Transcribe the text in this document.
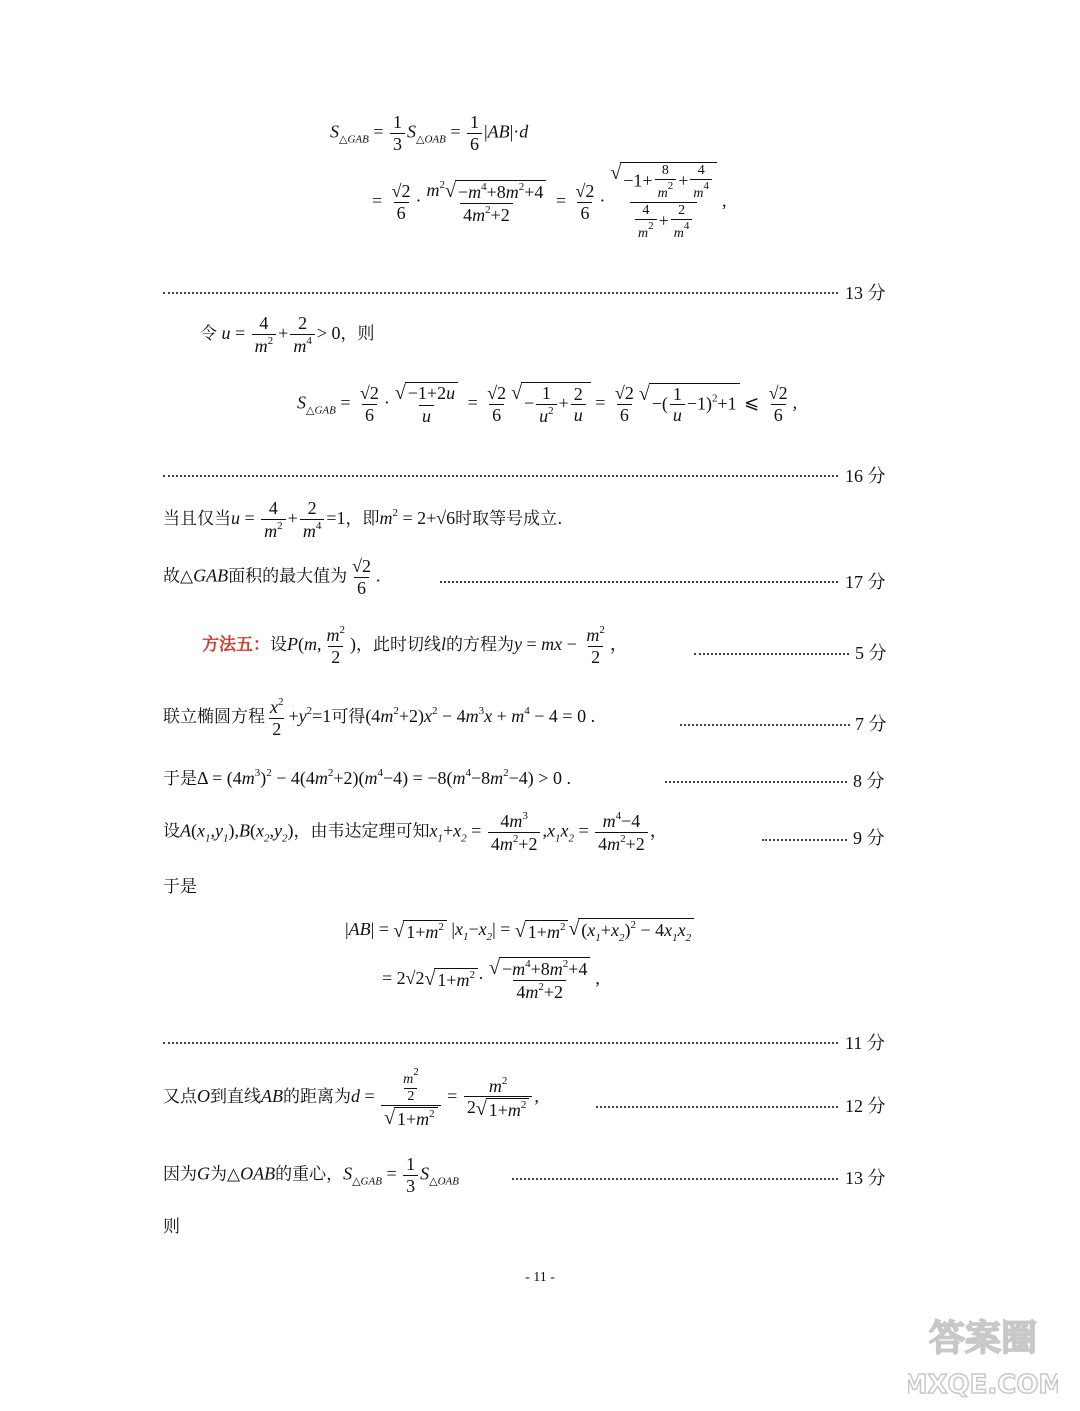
$S_{\triangle GAB} = \frac{1}{3} S_{\triangle OAB} = \frac{1}{6} |AB|\cdot d$
= $\frac{√2}{6} \cdot \frac{m^2 √ -m^4+8m^2+4}{4m^2+2} = \frac{√2}{6} \cdot \frac{√ -1+ \frac{8}{m^2} + \frac{4}{m^4}}{\frac{4}{m^2} + \frac{2}{m^4}}$ ,
13 分
令 $u = \frac{4}{m^2} + \frac{2}{m^4} > 0$，则
$S_{\triangle GAB} = \frac{√2}{6} \cdot \frac{√ -1+2u}{u} = \frac{√2}{6}$ √ − $\frac{1}{u^2} + \frac{2}{u} = \frac{√2}{6}$ √ −( $\frac{1}{u} -1)^2+1$ ⩽ $\frac{√2}{6}$ ,
16 分
当且仅当$u = \frac{4}{m^2} + \frac{2}{m^4} =1$，即$m^2 = 2+√6$时取等号成立.
故△GAB面积的最大值为 $\frac{√2}{6}$ .	17 分
方法五：设P(m, $\frac{m^2}{2}$ )，此时切线l的方程为y = mx − $\frac{m^2}{2}$ ，	5 分
联立椭圆方程 $\frac{x^2}{2} +y^2=1$可得$(4m^2+2)x^2 - 4m^3x + m^4 - 4 = 0$ .	7 分
于是$\Delta = (4m^3)^2 - 4(4m^2+2)(m^4-4) = -8(m^4-8m^2-4) > 0$ .	8 分
设$A(x_1,y_1),B(x_2,y_2)$，由韦达定理可知$x_1+x_2 = \frac{4m^3}{4m^2+2} ,x_1x_2 = \frac{m^4-4}{4m^2+2}$ ，	9 分
于是
|AB| = √ $1+m^2$ $|x_1-x_2|$ = √ $1+m^2$ √ $(x_1+x_2)^2 - 4x_1x_2$
= 2√2 √ $1+m^2 \cdot \frac{√ -m^4+8m^2+4}{4m^2+2}$ ,
11 分
又点O到直线AB的距离为$d = \frac{\frac{m^2}{2}}{√ 1+m^2} = \frac{m^2}{2 √ 1+m^2}$ ,
12 分
因为G为△OAB的重心，$S_{\triangle GAB} = \frac{1}{3} S_{\triangle OAB}$	13 分
则
- 11 -
答案圈
MXQE.COM
